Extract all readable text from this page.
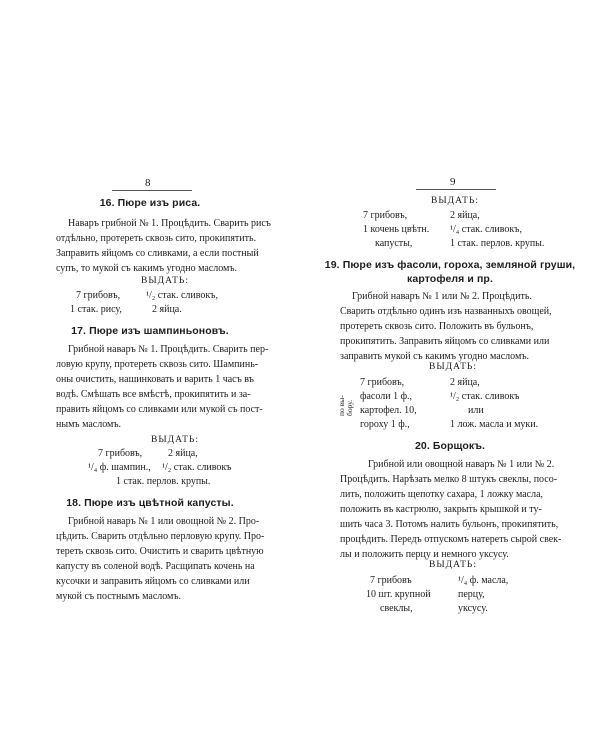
8
16. Пюре изъ риса.
Наваръ грибной № 1. Процѣдить. Сварить рисъ
отдѣльно, протереть сквозь сито, прокипятить.
Заправить яйцомъ со сливками, а если постный
супъ, то мукой съ какимъ угодно масломъ.
ВЫДАТЬ:
7 грибовъ,	¹/₂ стак. сливокъ,
1 стак. рису,	2 яйца.
17. Пюре изъ шампиньоновъ.
Грибной наваръ № 1. Процѣдить. Сварить пер-
ловую крупу, протереть сквозь сито. Шампинь-
оны очистить, нашинковать и варить 1 часъ въ
водѣ. Смѣшать все вмѣстѣ, прокипятить и за-
править яйцомъ со сливками или мукой съ пост-
нымъ масломъ.
ВЫДАТЬ:
7 грибовъ,	2 яйца,
¹/₄ ф. шампин., ¹/₂ стак. сливокъ
1 стак. перлов. крупы.
18. Пюре изъ цвѣтной капусты.
Грибной наваръ № 1 или овощной № 2. Про-
цѣдить. Сварить отдѣльно перловую крупу. Про-
тереть сквозь сито. Очистить и сварить цвѣтную
капусту въ соленой водѣ. Расщипать кочень на
кусочки и заправить яйцомъ со сливками или
мукой съ постнымъ масломъ.
9
ВЫДАТЬ:
7 грибовъ,	2 яйца,
1 кочень цвѣтн. ¹/₄ стак. сливокъ,
капусты,	1 стак. перлов. крупы.
19. Пюре изъ фасоли, гороха, земляной груши,
картофеля и пр.
Грибной наваръ № 1 или № 2. Процѣдить.
Сварить отдѣльно одинъ изъ названныхъ овощей,
протереть сквозь сито. Положить въ бульонъ,
прокипятить. Заправить яйцомъ со сливками или
заправить мукой съ какимъ угодно масломъ.
ВЫДАТЬ:
по вы- бору.
7 грибовъ,	2 яйца,
фасоли 1 ф.,	¹/₂ стак. сливокъ
картофел. 10,	или
гороху 1 ф.,	1 лож. масла и муки.
20. Борщокъ.
Грибной или овощной наваръ № 1 или № 2.
Процѣдить. Нарѣзать мелко 8 штукъ свеклы, посо-
лить, положить щепотку сахара, 1 ложку масла,
положить въ кастрюлю, закрыть крышкой и ту-
шить часа 3. Потомъ налить бульонъ, прокипятить,
процѣдить. Передъ отпускомъ натереть сырой свек-
лы и положить перцу и немного уксусу.
ВЫДАТЬ:
7 грибовъ	¹/₄ ф. масла,
10 шт. крупной	перцу,
свеклы,	уксусу.
